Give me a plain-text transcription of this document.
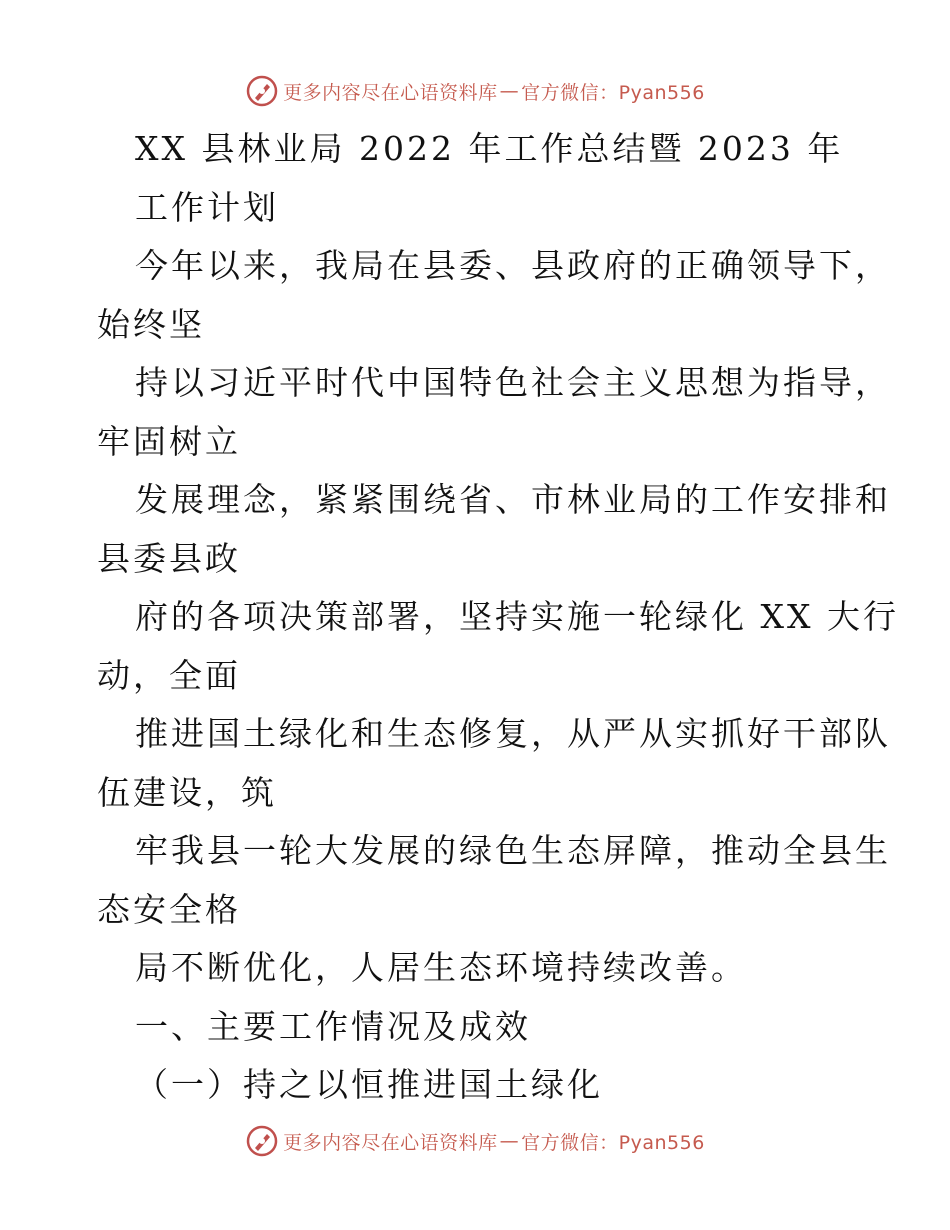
更多内容尽在心语资料库 — 官方微信：Pyan556
XX 县林业局 2022 年工作总结暨 2023 年
工作计划
今年以来，我局在县委、县政府的正确领导下，
始终坚
持以习近平时代中国特色社会主义思想为指导，
牢固树立
发展理念，紧紧围绕省、市林业局的工作安排和
县委县政
府的各项决策部署，坚持实施一轮绿化 XX 大行
动，全面
推进国土绿化和生态修复，从严从实抓好干部队
伍建设，筑
牢我县一轮大发展的绿色生态屏障，推动全县生
态安全格
局不断优化，人居生态环境持续改善。
一、主要工作情况及成效
（一）持之以恒推进国土绿化
更多内容尽在心语资料库 — 官方微信：Pyan556
